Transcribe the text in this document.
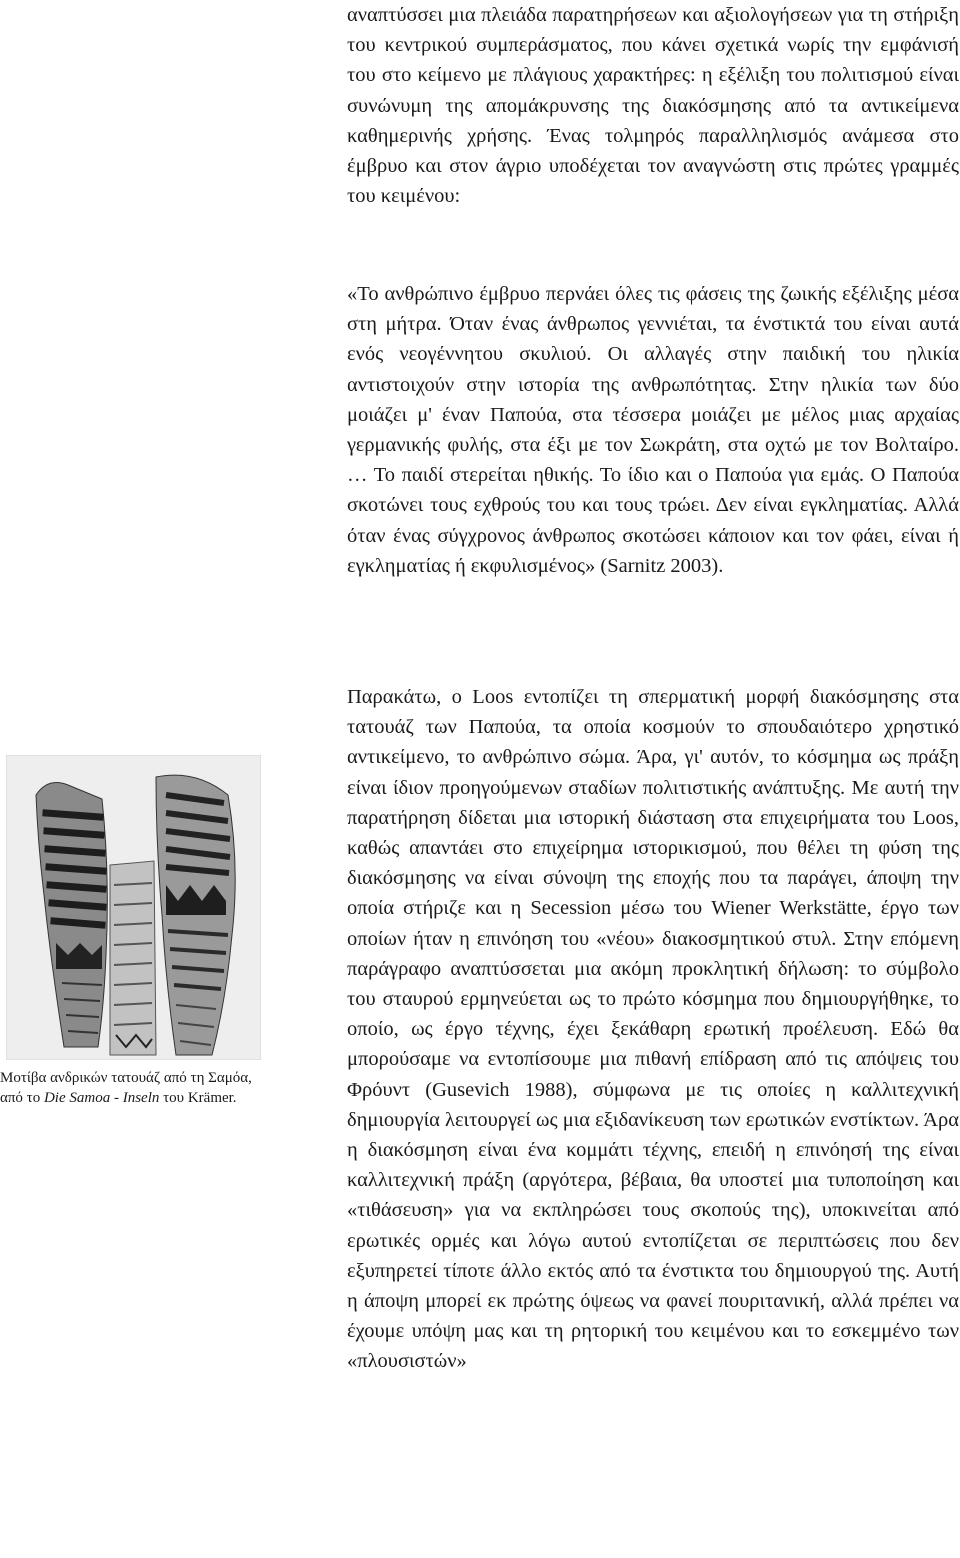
αναπτύσσει μια πλειάδα παρατηρήσεων και αξιολογήσεων για τη στήριξη του κεντρικού συμπεράσματος, που κάνει σχετικά νωρίς την εμφάνισή του στο κείμενο με πλάγιους χαρακτήρες: η εξέλιξη του πολιτισμού είναι συνώνυμη της απομάκρυνσης της διακόσμησης από τα αντικείμενα καθημερινής χρήσης. Ένας τολμηρός παραλληλισμός ανάμεσα στο έμβρυο και στον άγριο υποδέχεται τον αναγνώστη στις πρώτες γραμμές του κειμένου:

«Το ανθρώπινο έμβρυο περνάει όλες τις φάσεις της ζωικής εξέλιξης μέσα στη μήτρα. Όταν ένας άνθρωπος γεννιέται, τα ένστικτά του είναι αυτά ενός νεογέννητου σκυλιού. Οι αλλαγές στην παιδική του ηλικία αντιστοιχούν στην ιστορία της ανθρωπότητας. Στην ηλικία των δύο μοιάζει μ' έναν Παπούα, στα τέσσερα μοιάζει με μέλος μιας αρχαίας γερμανικής φυλής, στα έξι με τον Σωκράτη, στα οχτώ με τον Βολταίρο. … Το παιδί στερείται ηθικής. Το ίδιο και ο Παπούα για εμάς. Ο Παπούα σκοτώνει τους εχθρούς του και τους τρώει. Δεν είναι εγκληματίας. Αλλά όταν ένας σύγχρονος άνθρωπος σκοτώσει κάποιον και τον φάει, είναι ή εγκληματίας ή εκφυλισμένος» (Sarnitz 2003).

Παρακάτω, ο Loos εντοπίζει τη σπερματική μορφή διακόσμησης στα τατουάζ των Παπούα, τα οποία κοσμούν το σπουδαιότερο χρηστικό αντικείμενο, το ανθρώπινο σώμα. Άρα, γι' αυτόν, το κόσμημα ως πράξη είναι ίδιον προηγούμενων σταδίων πολιτιστικής ανάπτυξης. Με αυτή την παρατήρηση δίδεται μια ιστορική διάσταση στα επιχειρήματα του Loos, καθώς απαντάει στο επιχείρημα ιστορικισμού, που θέλει τη φύση της διακόσμησης να είναι σύνοψη της εποχής που τα παράγει, άποψη την οποία στήριζε και η Secession μέσω του Wiener Werkstätte, έργο των οποίων ήταν η επινόηση του «νέου» διακοσμητικού στυλ. Στην επόμενη παράγραφο αναπτύσσεται μια ακόμη προκλητική δήλωση: το σύμβολο του σταυρού ερμηνεύεται ως το πρώτο κόσμημα που δημιουργήθηκε, το οποίο, ως έργο τέχνης, έχει ξεκάθαρη ερωτική προέλευση. Εδώ θα μπορούσαμε να εντοπίσουμε μια πιθανή επίδραση από τις απόψεις του Φρόυντ (Gusevich 1988), σύμφωνα με τις οποίες η καλλιτεχνική δημιουργία λειτουργεί ως μια εξιδανίκευση των ερωτικών ενστίκτων. Άρα η διακόσμηση είναι ένα κομμάτι τέχνης, επειδή η επινόησή της είναι καλλιτεχνική πράξη (αργότερα, βέβαια, θα υποστεί μια τυποποίηση και «τιθάσευση» για να εκπληρώσει τους σκοπούς της), υποκινείται από ερωτικές ορμές και λόγω αυτού εντοπίζεται σε περιπτώσεις που δεν εξυπηρετεί τίποτε άλλο εκτός από τα ένστικτα του δημιουργού της. Αυτή η άποψη μπορεί εκ πρώτης όψεως να φανεί πουριτανική, αλλά πρέπει να έχουμε υπόψη μας και τη ρητορική του κειμένου και το εσκεμμένο των «πλουσιστών»

Μοτίβα ανδρικών τατουάζ από τη Σαμόα, από το Die Samoa - Inseln του Krämer.
